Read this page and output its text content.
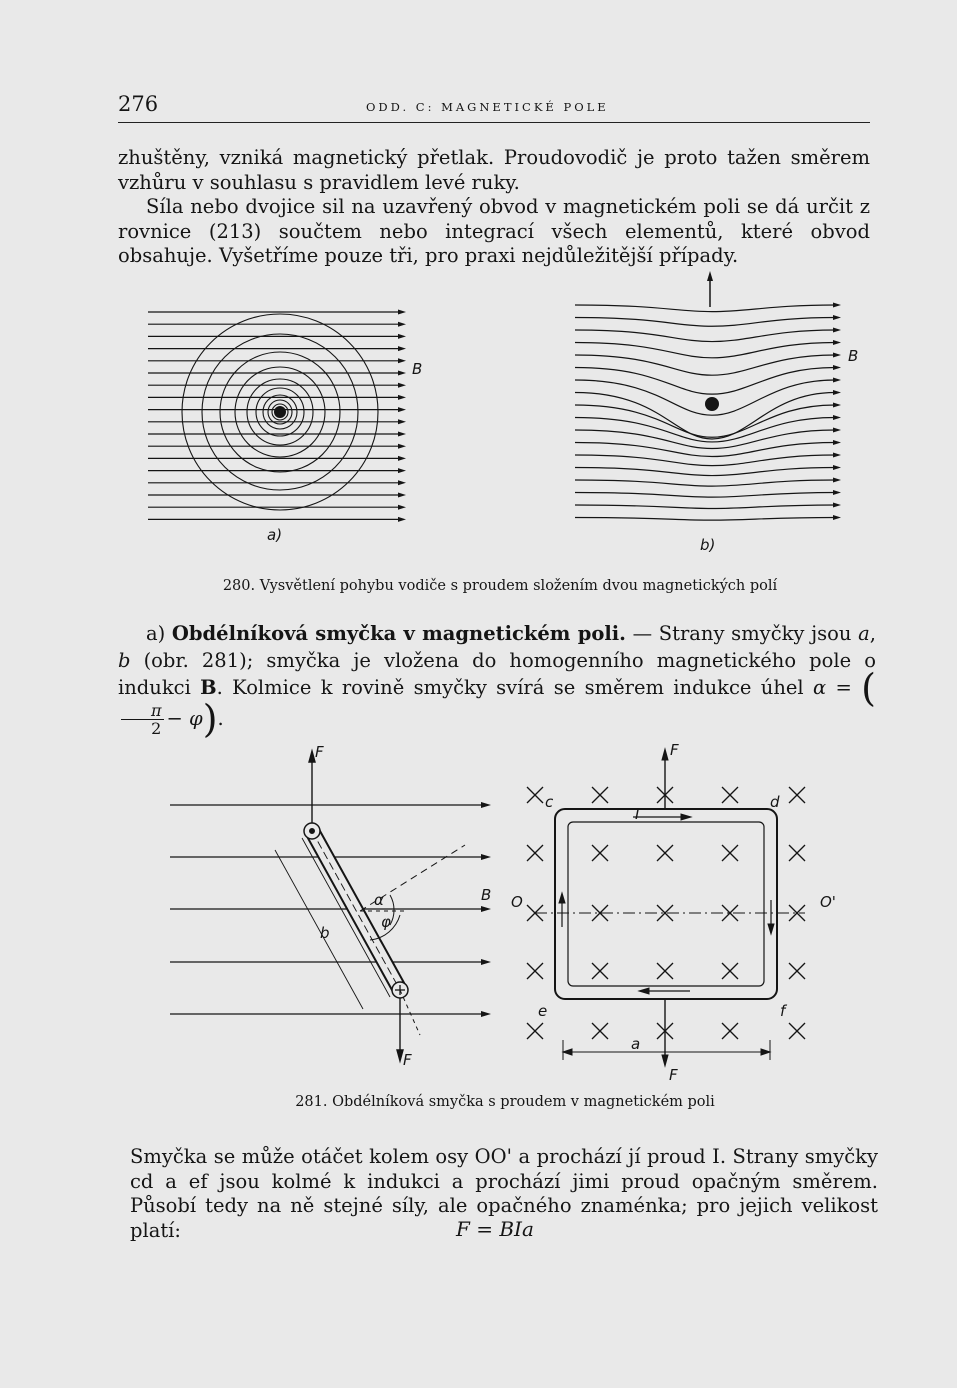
276	ODD. C: MAGNETICKÉ POLE

zhuštěny, vzniká magnetický přetlak. Proudovodič je proto tažen směrem vzhůru v souhlasu s pravidlem levé ruky.

Síla nebo dvojice sil na uzavřený obvod v magnetickém poli se dá určit z rovnice (213) součtem nebo integrací všech elementů, které obvod obsahuje. Vyšetříme pouze tři, pro praxi nejdůležitější případy.

B
B
a)
b)
280. Vysvětlení pohybu vodiče s proudem složením dvou magnetických polí

a) Obdélníková smyčka v magnetickém poli. — Strany smyčky jsou a, b (obr. 281); smyčka je vložena do homogenního magnetického pole o indukci B. Kolmice k rovině smyčky svírá se směrem indukce úhel α = (
$\frac{\pi}{2} - \varphi$).

F
F
F
F
B
b
α
φ
c	d
e	f
I
O	O'
a
281. Obdélníková smyčka s proudem v magnetickém poli

Smyčka se může otáčet kolem osy OO' a prochází jí proud I. Strany smyčky cd a ef jsou kolmé k indukci a prochází jimi proud opačným směrem. Působí tedy na ně stejné síly, ale opačného znaménka; pro jejich velikost platí:	F = BIa
